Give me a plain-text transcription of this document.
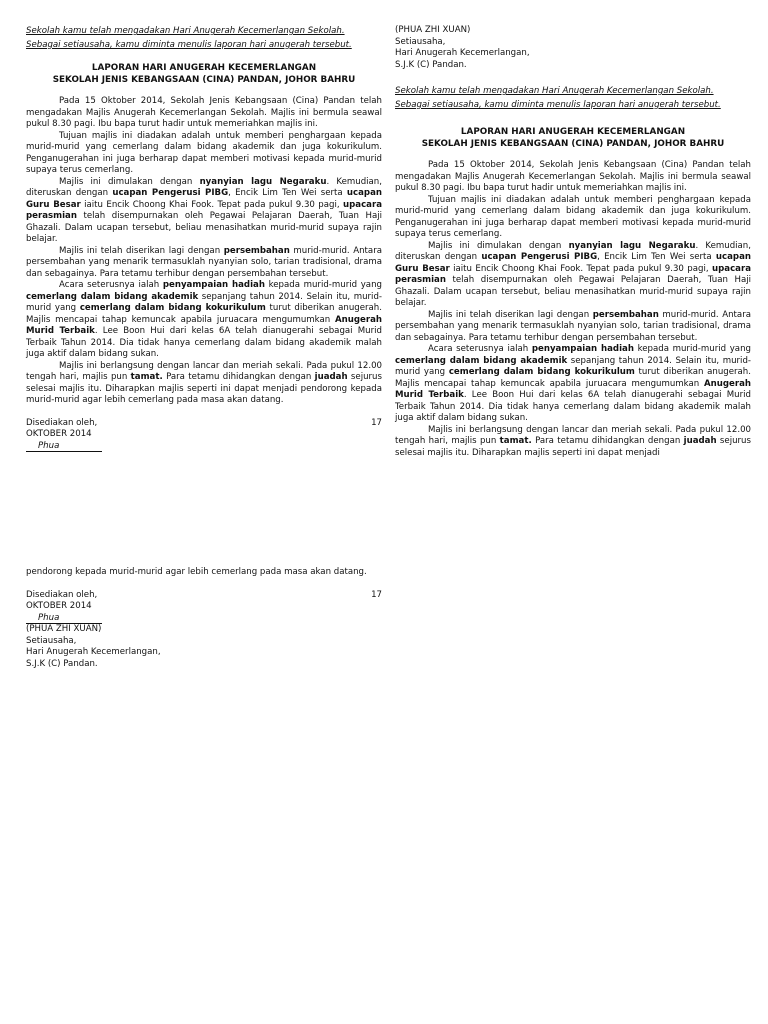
Sekolah kamu telah mengadakan Hari Anugerah Kecemerlangan Sekolah. Sebagai setiausaha, kamu diminta menulis laporan hari anugerah tersebut.
LAPORAN HARI ANUGERAH KECEMERLANGAN
SEKOLAH JENIS KEBANGSAAN (CINA) PANDAN, JOHOR BAHRU

Pada 15 Oktober 2014, Sekolah Jenis Kebangsaan (Cina) Pandan telah mengadakan Majlis Anugerah Kecemerlangan Sekolah. Majlis ini bermula seawal pukul 8.30 pagi. Ibu bapa turut hadir untuk memeriahkan majlis ini.

Tujuan majlis ini diadakan adalah untuk memberi penghargaan kepada murid-murid yang cemerlang dalam bidang akademik dan juga kokurikulum. Penganugerahan ini juga berharap dapat memberi motivasi kepada murid-murid supaya terus cemerlang.

Majlis ini dimulakan dengan nyanyian lagu Negaraku. Kemudian, diteruskan dengan ucapan Pengerusi PIBG, Encik Lim Ten Wei serta ucapan Guru Besar iaitu Encik Choong Khai Fook. Tepat pada pukul 9.30 pagi, upacara perasmian telah disempurnakan oleh Pegawai Pelajaran Daerah, Tuan Haji Ghazali. Dalam ucapan tersebut, beliau menasihatkan murid-murid supaya rajin belajar.

Majlis ini telah diserikan lagi dengan persembahan murid-murid. Antara persembahan yang menarik termasuklah nyanyian solo, tarian tradisional, drama dan sebagainya. Para tetamu terhibur dengan persembahan tersebut.

Acara seterusnya ialah penyampaian hadiah kepada murid-murid yang cemerlang dalam bidang akademik sepanjang tahun 2014. Selain itu, murid-murid yang cemerlang dalam bidang kokurikulum turut diberikan anugerah. Majlis mencapai tahap kemuncak apabila juruacara mengumumkan Anugerah Murid Terbaik. Lee Boon Hui dari kelas 6A telah dianugerahi sebagai Murid Terbaik Tahun 2014. Dia tidak hanya cemerlang dalam bidang akademik malah juga aktif dalam bidang sukan.

Majlis ini berlangsung dengan lancar dan meriah sekali. Pada pukul 12.00 tengah hari, majlis pun tamat. Para tetamu dihidangkan dengan juadah sejurus selesai majlis itu. Diharapkan majlis seperti ini dapat menjadi pendorong kepada murid-murid agar lebih cemerlang pada masa akan datang.

Disediakan oleh,	17
OKTOBER 2014
Phua

pendorong kepada murid-murid agar lebih cemerlang pada masa akan datang.

Disediakan oleh,	17
OKTOBER 2014
Phua
(PHUA ZHI XUAN)
Setiausaha,
Hari Anugerah Kecemerlangan,
S.J.K (C) Pandan.
(PHUA ZHI XUAN)
Setiausaha,
Hari Anugerah Kecemerlangan,
S.J.K (C) Pandan.
Sekolah kamu telah mengadakan Hari Anugerah Kecemerlangan Sekolah. Sebagai setiausaha, kamu diminta menulis laporan hari anugerah tersebut.
LAPORAN HARI ANUGERAH KECEMERLANGAN
SEKOLAH JENIS KEBANGSAAN (CINA) PANDAN, JOHOR BAHRU

Pada 15 Oktober 2014, Sekolah Jenis Kebangsaan (Cina) Pandan telah mengadakan Majlis Anugerah Kecemerlangan Sekolah. Majlis ini bermula seawal pukul 8.30 pagi. Ibu bapa turut hadir untuk memeriahkan majlis ini.

Tujuan majlis ini diadakan adalah untuk memberi penghargaan kepada murid-murid yang cemerlang dalam bidang akademik dan juga kokurikulum. Penganugerahan ini juga berharap dapat memberi motivasi kepada murid-murid supaya terus cemerlang.

Majlis ini dimulakan dengan nyanyian lagu Negaraku. Kemudian, diteruskan dengan ucapan Pengerusi PIBG, Encik Lim Ten Wei serta ucapan Guru Besar iaitu Encik Choong Khai Fook. Tepat pada pukul 9.30 pagi, upacara perasmian telah disempurnakan oleh Pegawai Pelajaran Daerah, Tuan Haji Ghazali. Dalam ucapan tersebut, beliau menasihatkan murid-murid supaya rajin belajar.

Majlis ini telah diserikan lagi dengan persembahan murid-murid. Antara persembahan yang menarik termasuklah nyanyian solo, tarian tradisional, drama dan sebagainya. Para tetamu terhibur dengan persembahan tersebut.

Acara seterusnya ialah penyampaian hadiah kepada murid-murid yang cemerlang dalam bidang akademik sepanjang tahun 2014. Selain itu, murid-murid yang cemerlang dalam bidang kokurikulum turut diberikan anugerah. Majlis mencapai tahap kemuncak apabila juruacara mengumumkan Anugerah Murid Terbaik. Lee Boon Hui dari kelas 6A telah dianugerahi sebagai Murid Terbaik Tahun 2014. Dia tidak hanya cemerlang dalam bidang akademik malah juga aktif dalam bidang sukan.

Majlis ini berlangsung dengan lancar dan meriah sekali. Pada pukul 12.00 tengah hari, majlis pun tamat. Para tetamu dihidangkan dengan juadah sejurus selesai majlis itu. Diharapkan majlis seperti ini dapat menjadi
